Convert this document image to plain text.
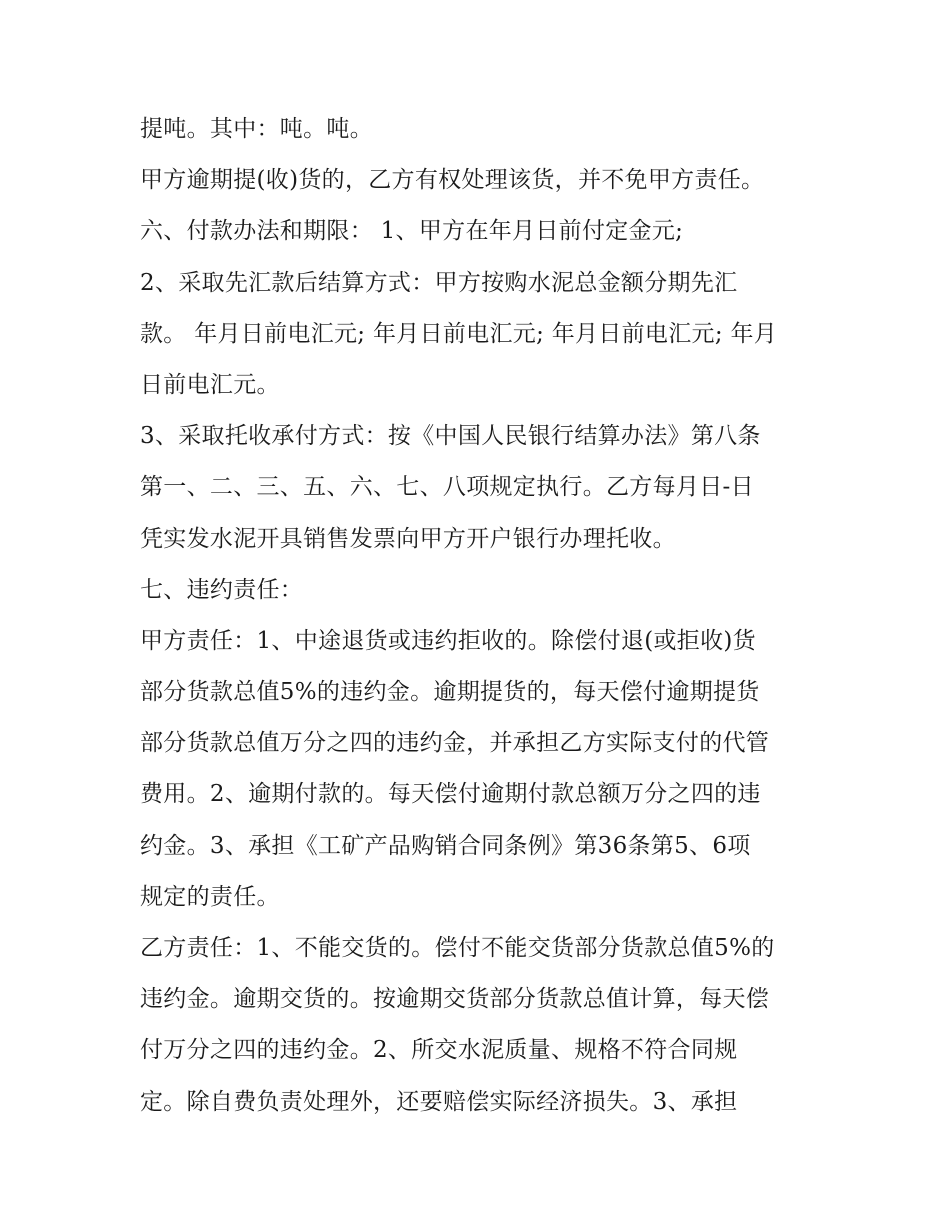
提吨。其中：吨。吨。
甲方逾期提(收)货的，乙方有权处理该货，并不免甲方责任。
六、付款办法和期限： 1、甲方在年月日前付定金元;
2、采取先汇款后结算方式：甲方按购水泥总金额分期先汇
款。 年月日前电汇元; 年月日前电汇元; 年月日前电汇元; 年月
日前电汇元。
3、采取托收承付方式：按《中国人民银行结算办法》第八条
第一、二、三、五、六、七、八项规定执行。乙方每月日-日
凭实发水泥开具销售发票向甲方开户银行办理托收。
七、违约责任：
甲方责任：1、中途退货或违约拒收的。除偿付退(或拒收)货
部分货款总值5%的违约金。逾期提货的，每天偿付逾期提货
部分货款总值万分之四的违约金，并承担乙方实际支付的代管
费用。2、逾期付款的。每天偿付逾期付款总额万分之四的违
约金。3、承担《工矿产品购销合同条例》第36条第5、6项
规定的责任。
乙方责任：1、不能交货的。偿付不能交货部分货款总值5%的
违约金。逾期交货的。按逾期交货部分货款总值计算，每天偿
付万分之四的违约金。2、所交水泥质量、规格不符合同规
定。除自费负责处理外，还要赔偿实际经济损失。3、承担
